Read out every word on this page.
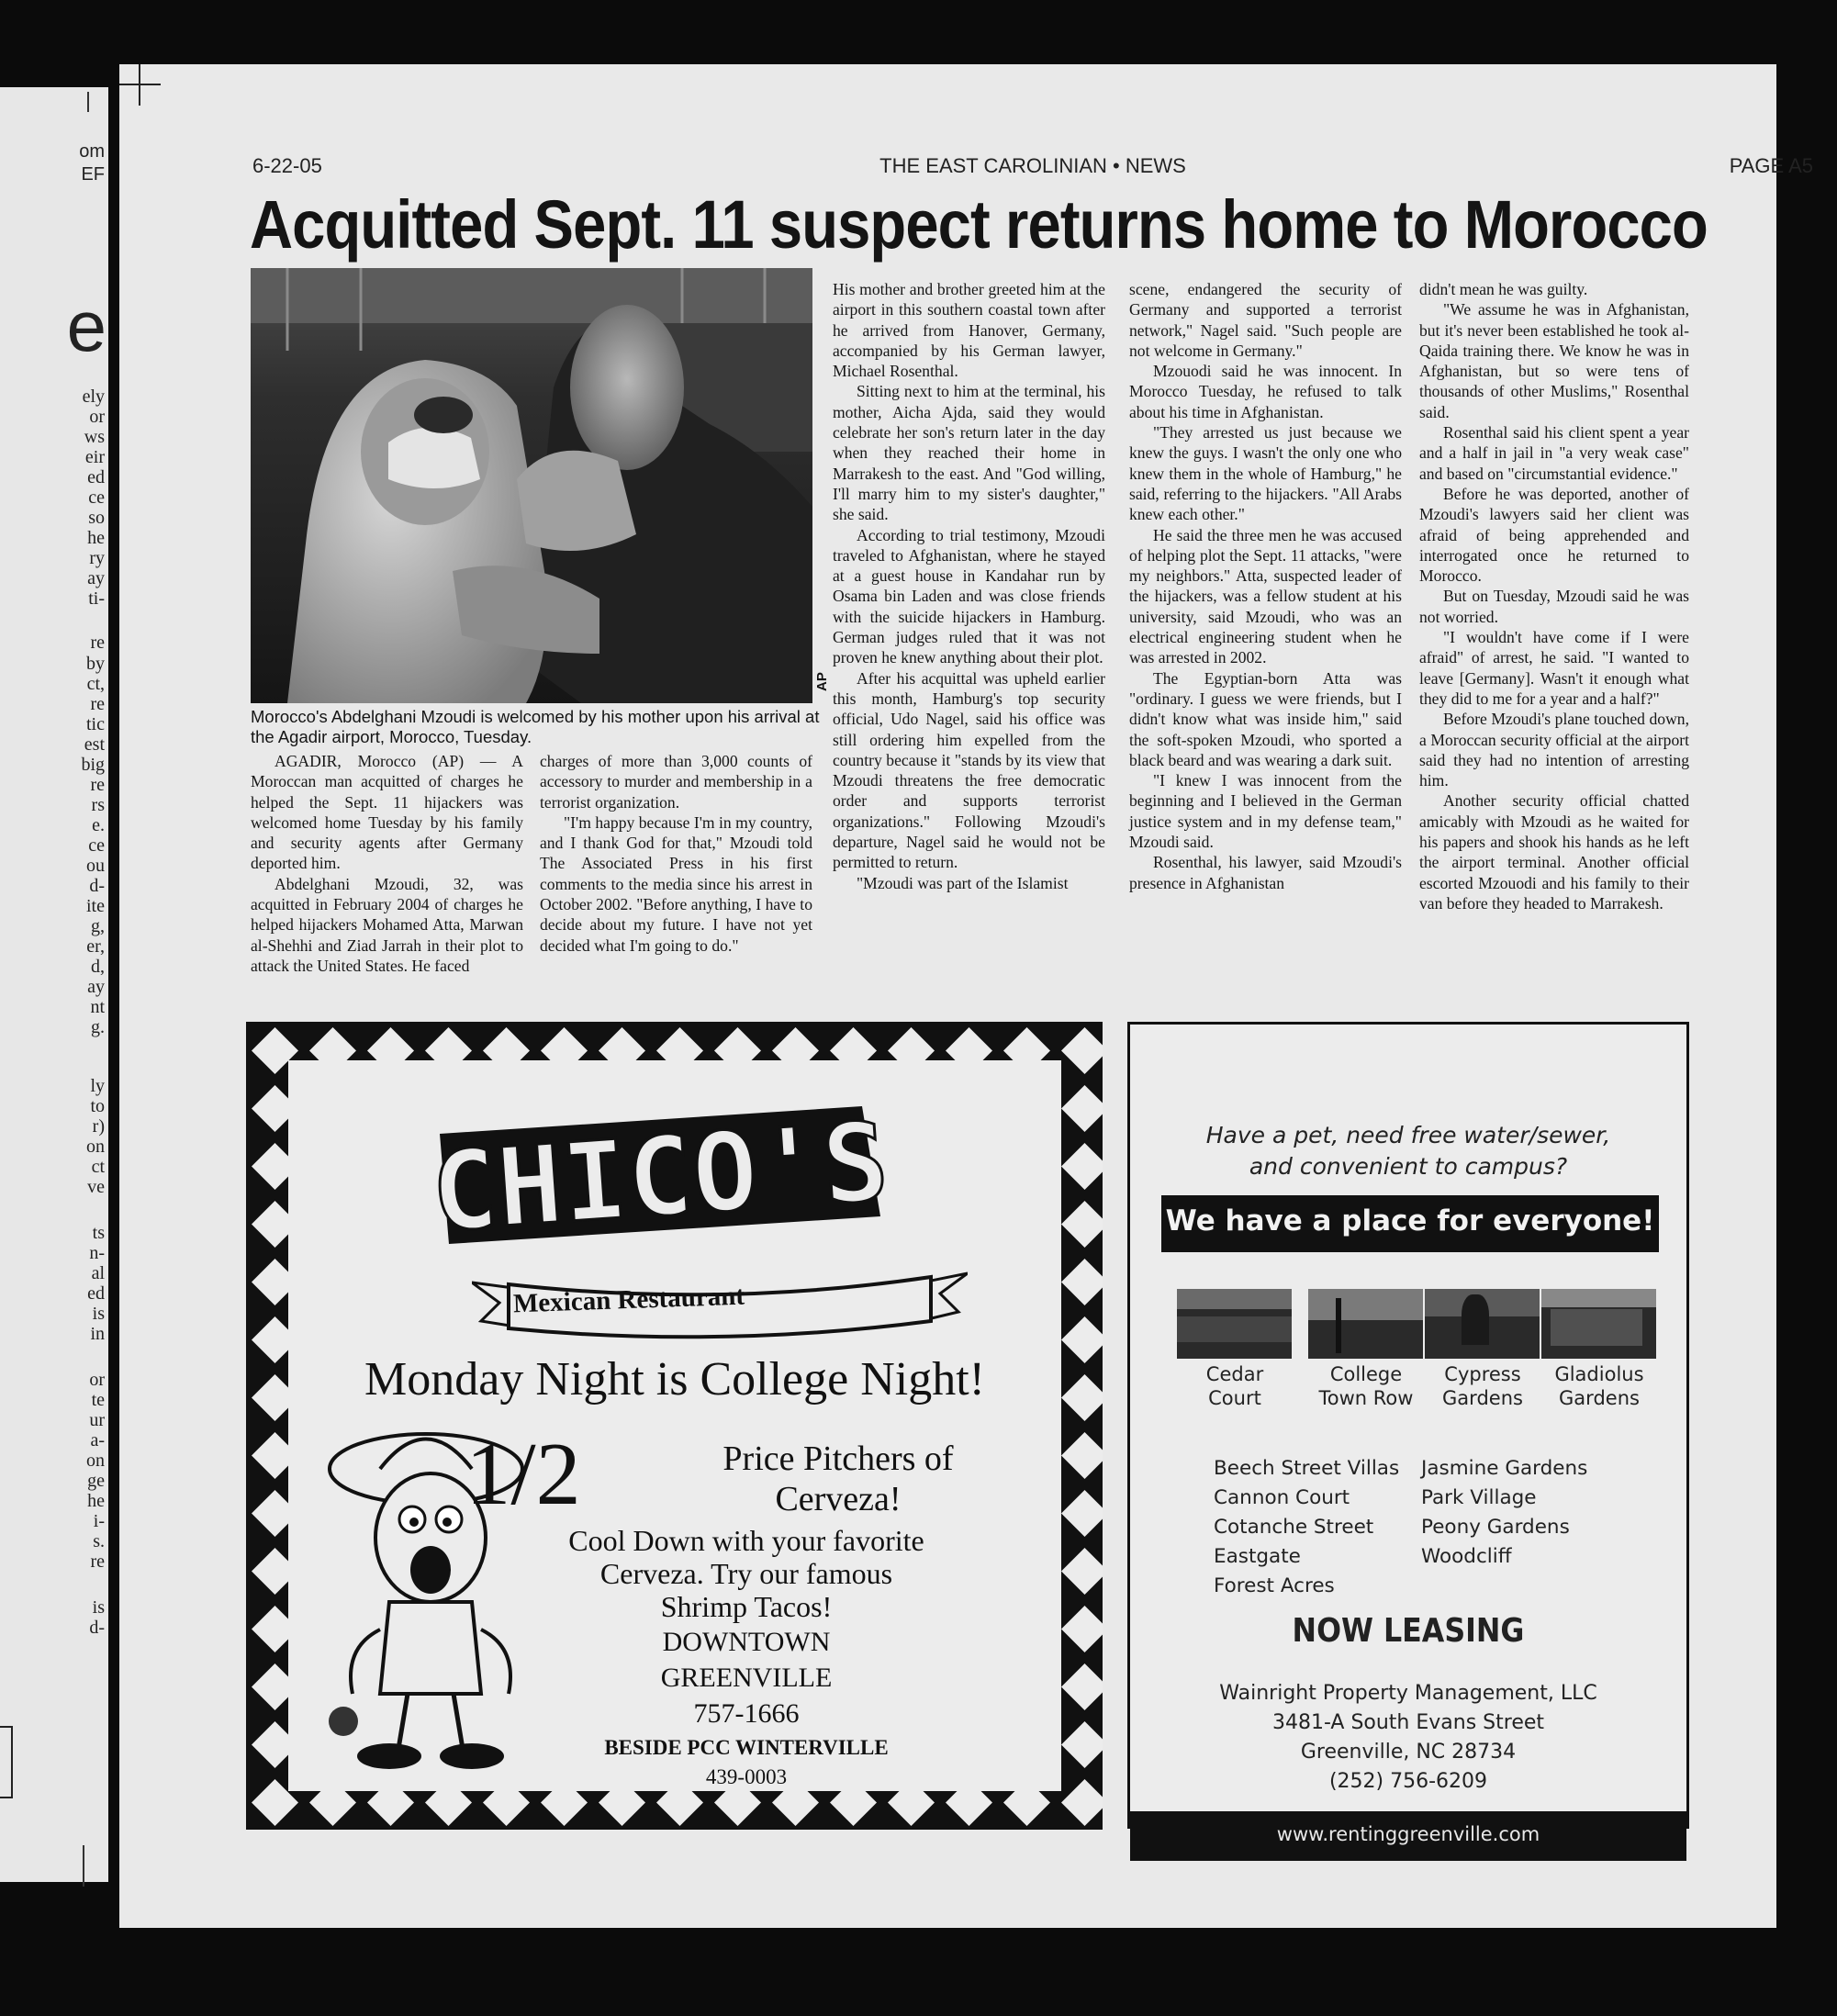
om
EF
e
ely
or
ws
eir
ed
ce
so
he
ry
ay
ti-
re
by
ct,
re
tic
est
big
re
rs
e.
ce
ou
d-
ite
g,
er,
d,
ay
nt
g.
ly
to
r)
on
ct
ve
ts
n-
al
ed
is
in
or
te
ur
a-
on
ge
he
i-
s.
re
is
d-
6-22-05	THE EAST CAROLINIAN • NEWS	PAGE A5
Acquitted Sept. 11 suspect returns home to Morocco
AP
Morocco's Abdelghani Mzoudi is welcomed by his mother upon his arrival at the Agadir airport, Morocco, Tuesday.

AGADIR, Morocco (AP) — A Moroccan man acquitted of charges he helped the Sept. 11 hijackers was welcomed home Tuesday by his family and security agents after Germany deported him.

Abdelghani Mzoudi, 32, was acquitted in February 2004 of charges he helped hijackers Mohamed Atta, Marwan al-Shehhi and Ziad Jarrah in their plot to attack the United States. He faced

charges of more than 3,000 counts of accessory to murder and membership in a terrorist organization.

"I'm happy because I'm in my country, and I thank God for that," Mzoudi told The Associated Press in his first comments to the media since his arrest in October 2002. "Before anything, I have to decide about my future. I have not yet decided what I'm going to do."

His mother and brother greeted him at the airport in this southern coastal town after he arrived from Hanover, Germany, accompanied by his German lawyer, Michael Rosenthal.

Sitting next to him at the terminal, his mother, Aicha Ajda, said they would celebrate her son's return later in the day when they reached their home in Marrakesh to the east. And "God willing, I'll marry him to my sister's daughter," she said.

According to trial testimony, Mzoudi traveled to Afghanistan, where he stayed at a guest house in Kandahar run by Osama bin Laden and was close friends with the suicide hijackers in Hamburg. German judges ruled that it was not proven he knew anything about their plot.

After his acquittal was upheld earlier this month, Hamburg's top security official, Udo Nagel, said his office was still ordering him expelled from the country because it "stands by its view that Mzoudi threatens the free democratic order and supports terrorist organizations." Following Mzoudi's departure, Nagel said he would not be permitted to return.

"Mzoudi was part of the Islamist

scene, endangered the security of Germany and supported a terrorist network," Nagel said. "Such people are not welcome in Germany."

Mzouodi said he was innocent. In Morocco Tuesday, he refused to talk about his time in Afghanistan.

"They arrested us just because we knew the guys. I wasn't the only one who knew them in the whole of Hamburg," he said, referring to the hijackers. "All Arabs knew each other."

He said the three men he was accused of helping plot the Sept. 11 attacks, "were my neighbors." Atta, suspected leader of the hijackers, was a fellow student at his university, said Mzoudi, who was an electrical engineering student when he was arrested in 2002.

The Egyptian-born Atta was "ordinary. I guess we were friends, but I didn't know what was inside him," said the soft-spoken Mzoudi, who sported a black beard and was wearing a dark suit.

"I knew I was innocent from the beginning and I believed in the German justice system and in my defense team," Mzoudi said.

Rosenthal, his lawyer, said Mzoudi's presence in Afghanistan

didn't mean he was guilty.

"We assume he was in Afghanistan, but it's never been established he took al-Qaida training there. We know he was in Afghanistan, but so were tens of thousands of other Muslims," Rosenthal said.

Rosenthal said his client spent a year and a half in jail in "a very weak case" and based on "circumstantial evidence."

Before he was deported, another of Mzoudi's lawyers said her client was afraid of being apprehended and interrogated once he returned to Morocco.

But on Tuesday, Mzoudi said he was not worried.

"I wouldn't have come if I were afraid" of arrest, he said. "I wanted to leave [Germany]. Wasn't it enough what they did to me for a year and a half?"

Before Mzoudi's plane touched down, a Moroccan security official at the airport said they had no intention of arresting him.

Another security official chatted amicably with Mzoudi as he waited for his papers and shook his hands as he left the airport terminal. Another official escorted Mzouodi and his family to their van before they headed to Marrakesh.

CHICO'S
Mexican Restaurant
Monday Night is College Night!
1/2	Price Pitchers of
Cerveza!
Cool Down with your favorite
Cerveza. Try our famous
Shrimp Tacos!
DOWNTOWN
GREENVILLE
757-1666
BESIDE PCC WINTERVILLE
439-0003
Have a pet, need free water/sewer,
and convenient to campus?
We have a place for everyone!
Cedar
Court
College
Town Row
Cypress
Gardens
Gladiolus
Gardens
Beech Street Villas
Cannon Court
Cotanche Street
Eastgate
Forest Acres
Jasmine Gardens
Park Village
Peony Gardens
Woodcliff
NOW LEASING
Wainright Property Management, LLC
3481-A South Evans Street
Greenville, NC 28734
(252) 756-6209
www.rentinggreenville.com
